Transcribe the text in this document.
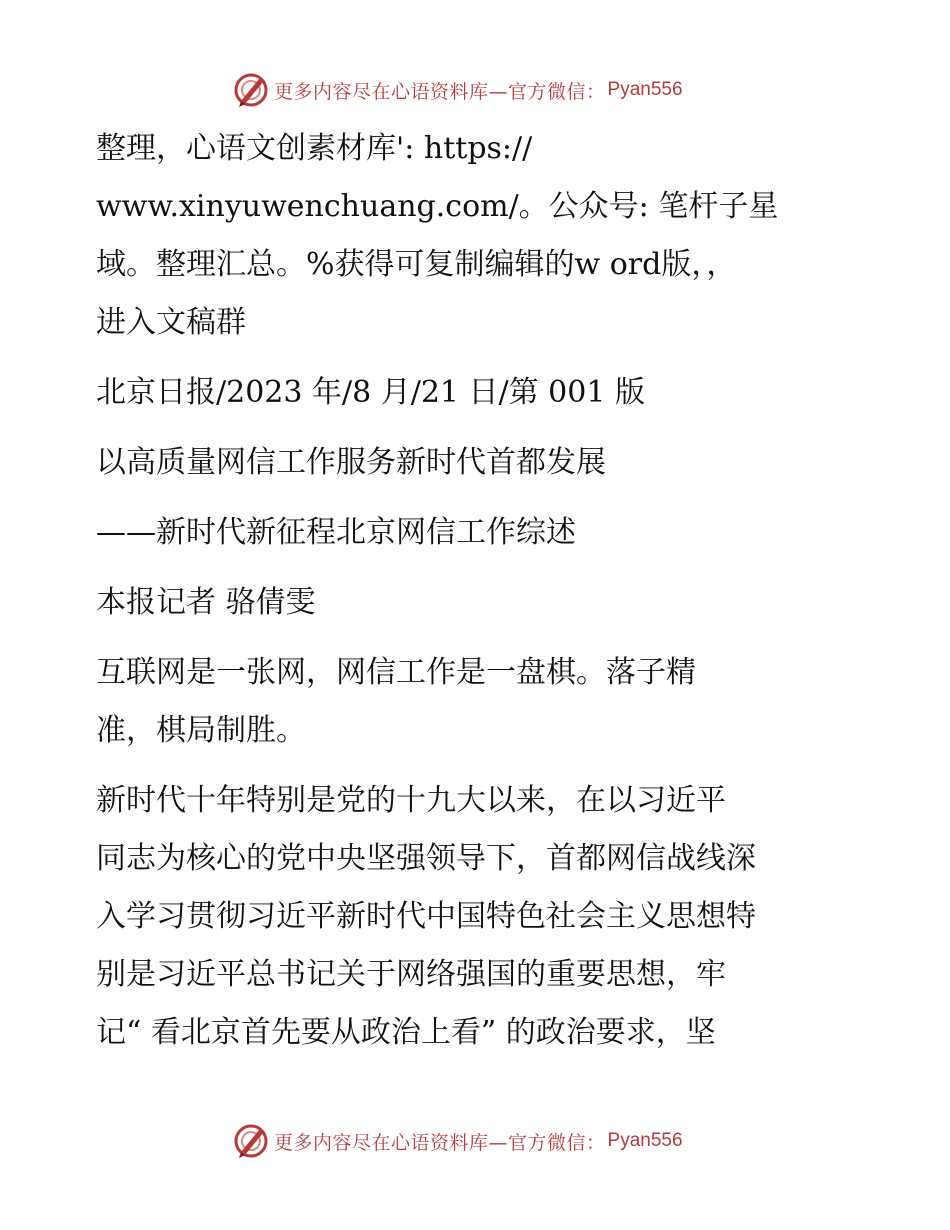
更多内容尽在心语资料库—官方微信： Pyan556
整理，心语文创素材库': https://
www.xinyuwenchuang.com/。公众号: 笔杆子星
域。整理汇总。%获得可复制编辑的w ord版，，
进入文稿群
北京日报/2023 年/8 月/21 日/第 001 版
以高质量网信工作服务新时代首都发展
——新时代新征程北京网信工作综述
本报记者 骆倩雯
互联网是一张网，网信工作是一盘棋。落子精
准，棋局制胜。
新时代十年特别是党的十九大以来，在以习近平
同志为核心的党中央坚强领导下，首都网信战线深
入学习贯彻习近平新时代中国特色社会主义思想特
别是习近平总书记关于网络强国的重要思想，牢
记“ 看北京首先要从政治上看” 的政治要求，坚
更多内容尽在心语资料库—官方微信： Pyan556
